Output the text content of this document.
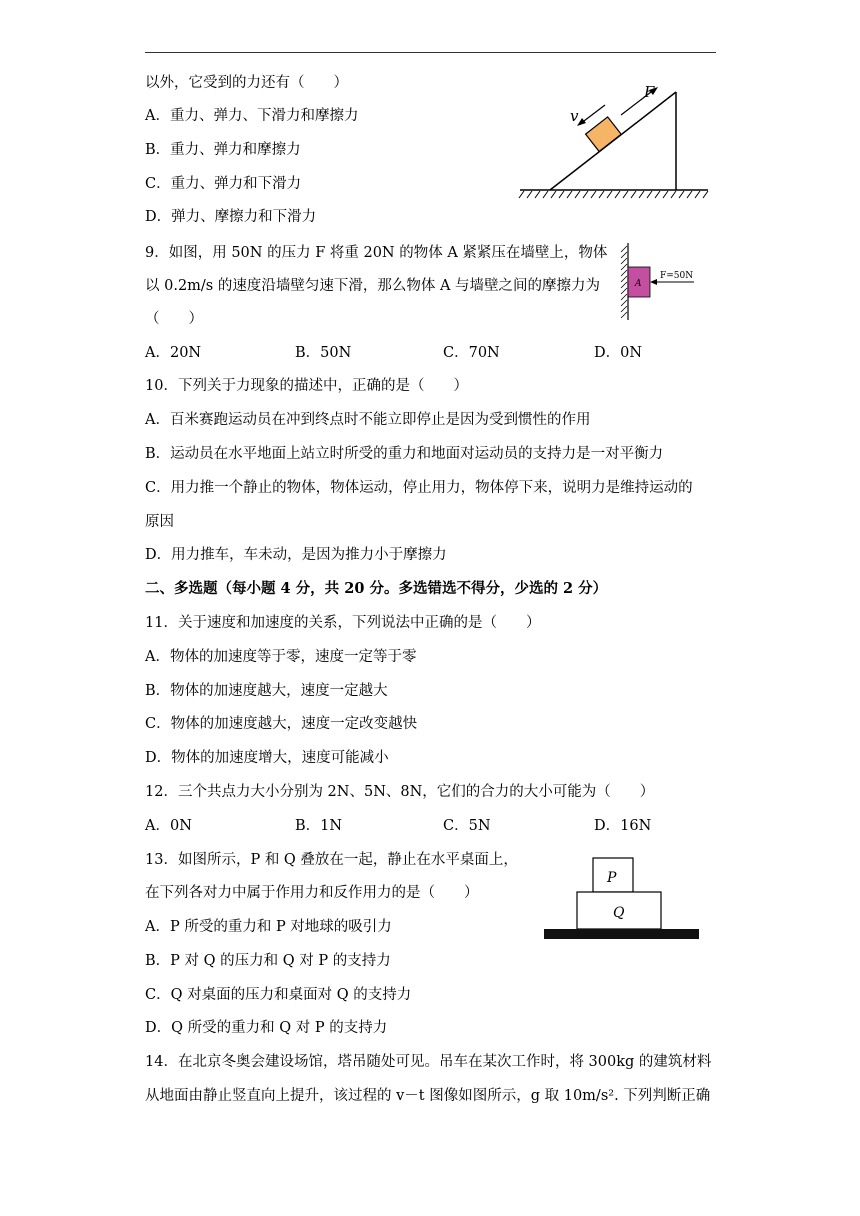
以外，它受到的力还有（　　）
A．重力、弹力、下滑力和摩擦力
B．重力、弹力和摩擦力
C．重力、弹力和下滑力
D．弹力、摩擦力和下滑力
F
v
9．如图，用 50N 的压力 F 将重 20N 的物体 A 紧紧压在墙壁上，物体
以 0.2m/s 的速度沿墙壁匀速下滑，那么物体 A 与墙壁之间的摩擦力为
（　　）
A．20N	B．50N	C．70N	D．0N
A
F=50N
10．下列关于力现象的描述中，正确的是（　　）
A．百米赛跑运动员在冲到终点时不能立即停止是因为受到惯性的作用
B．运动员在水平地面上站立时所受的重力和地面对运动员的支持力是一对平衡力
C．用力推一个静止的物体，物体运动，停止用力，物体停下来，说明力是维持运动的
原因
D．用力推车，车未动，是因为推力小于摩擦力
二、多选题（每小题 4 分，共 20 分。多选错选不得分，少选的 2 分）
11．关于速度和加速度的关系，下列说法中正确的是（　　）
A．物体的加速度等于零，速度一定等于零
B．物体的加速度越大，速度一定越大
C．物体的加速度越大，速度一定改变越快
D．物体的加速度增大，速度可能减小
12．三个共点力大小分别为 2N、5N、8N，它们的合力的大小可能为（　　）
A．0N	B．1N	C．5N	D．16N
13．如图所示，P 和 Q 叠放在一起，静止在水平桌面上，
在下列各对力中属于作用力和反作用力的是（　　）
A．P 所受的重力和 P 对地球的吸引力
B．P 对 Q 的压力和 Q 对 P 的支持力
C．Q 对桌面的压力和桌面对 Q 的支持力
D．Q 所受的重力和 Q 对 P 的支持力
P
Q
14．在北京冬奥会建设场馆，塔吊随处可见。吊车在某次工作时，将 300kg 的建筑材料
从地面由静止竖直向上提升，该过程的 v－t 图像如图所示，g 取 10m/s². 下列判断正确
